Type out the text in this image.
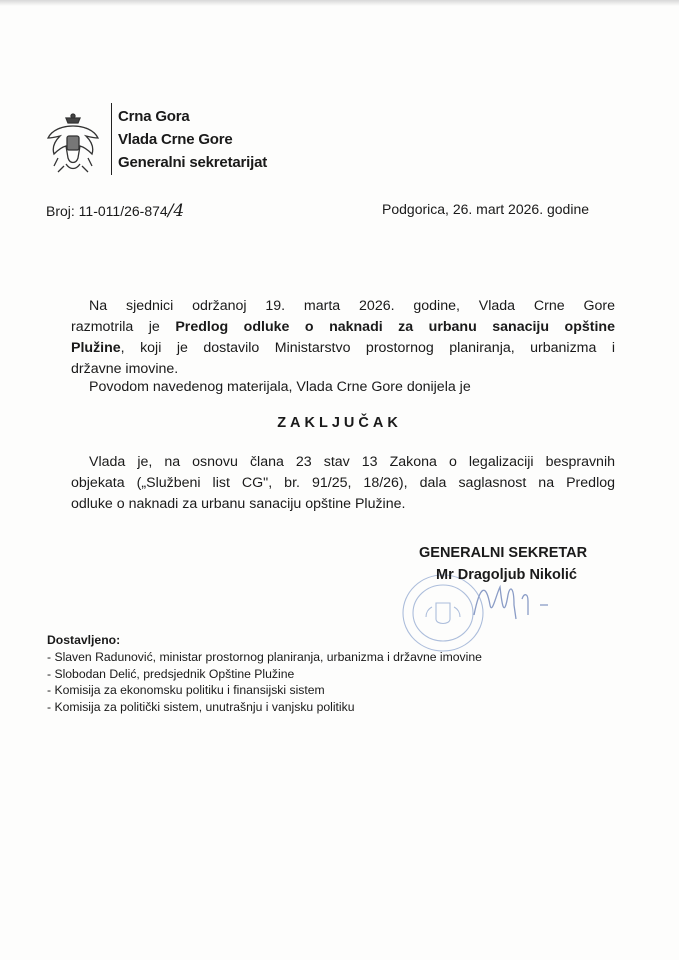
Crna Gora
Vlada Crne Gore
Generalni sekretarijat
Broj: 11-011/26-874/4	Podgorica, 26. mart 2026. godine
Na sjednici održanoj 19. marta 2026. godine, Vlada Crne Gore
razmotrila je Predlog odluke o naknadi za urbanu sanaciju opštine
Plužine, koji je dostavilo Ministarstvo prostornog planiranja, urbanizma i
državne imovine.
Povodom navedenog materijala, Vlada Crne Gore donijela je
ZAKLJUČAK
Vlada je, na osnovu člana 23 stav 13 Zakona o legalizaciji bespravnih
objekata („Službeni list CG", br. 91/25, 18/26), dala saglasnost na Predlog
odluke o naknadi za urbanu sanaciju opštine Plužine.
GENERALNI SEKRETAR
Mr Dragoljub Nikolić
Dostavljeno:
- Slaven Radunović, ministar prostornog planiranja, urbanizma i državne imovine
- Slobodan Delić, predsjednik Opštine Plužine
- Komisija za ekonomsku politiku i finansijski sistem
- Komisija za politički sistem, unutrašnju i vanjsku politiku
